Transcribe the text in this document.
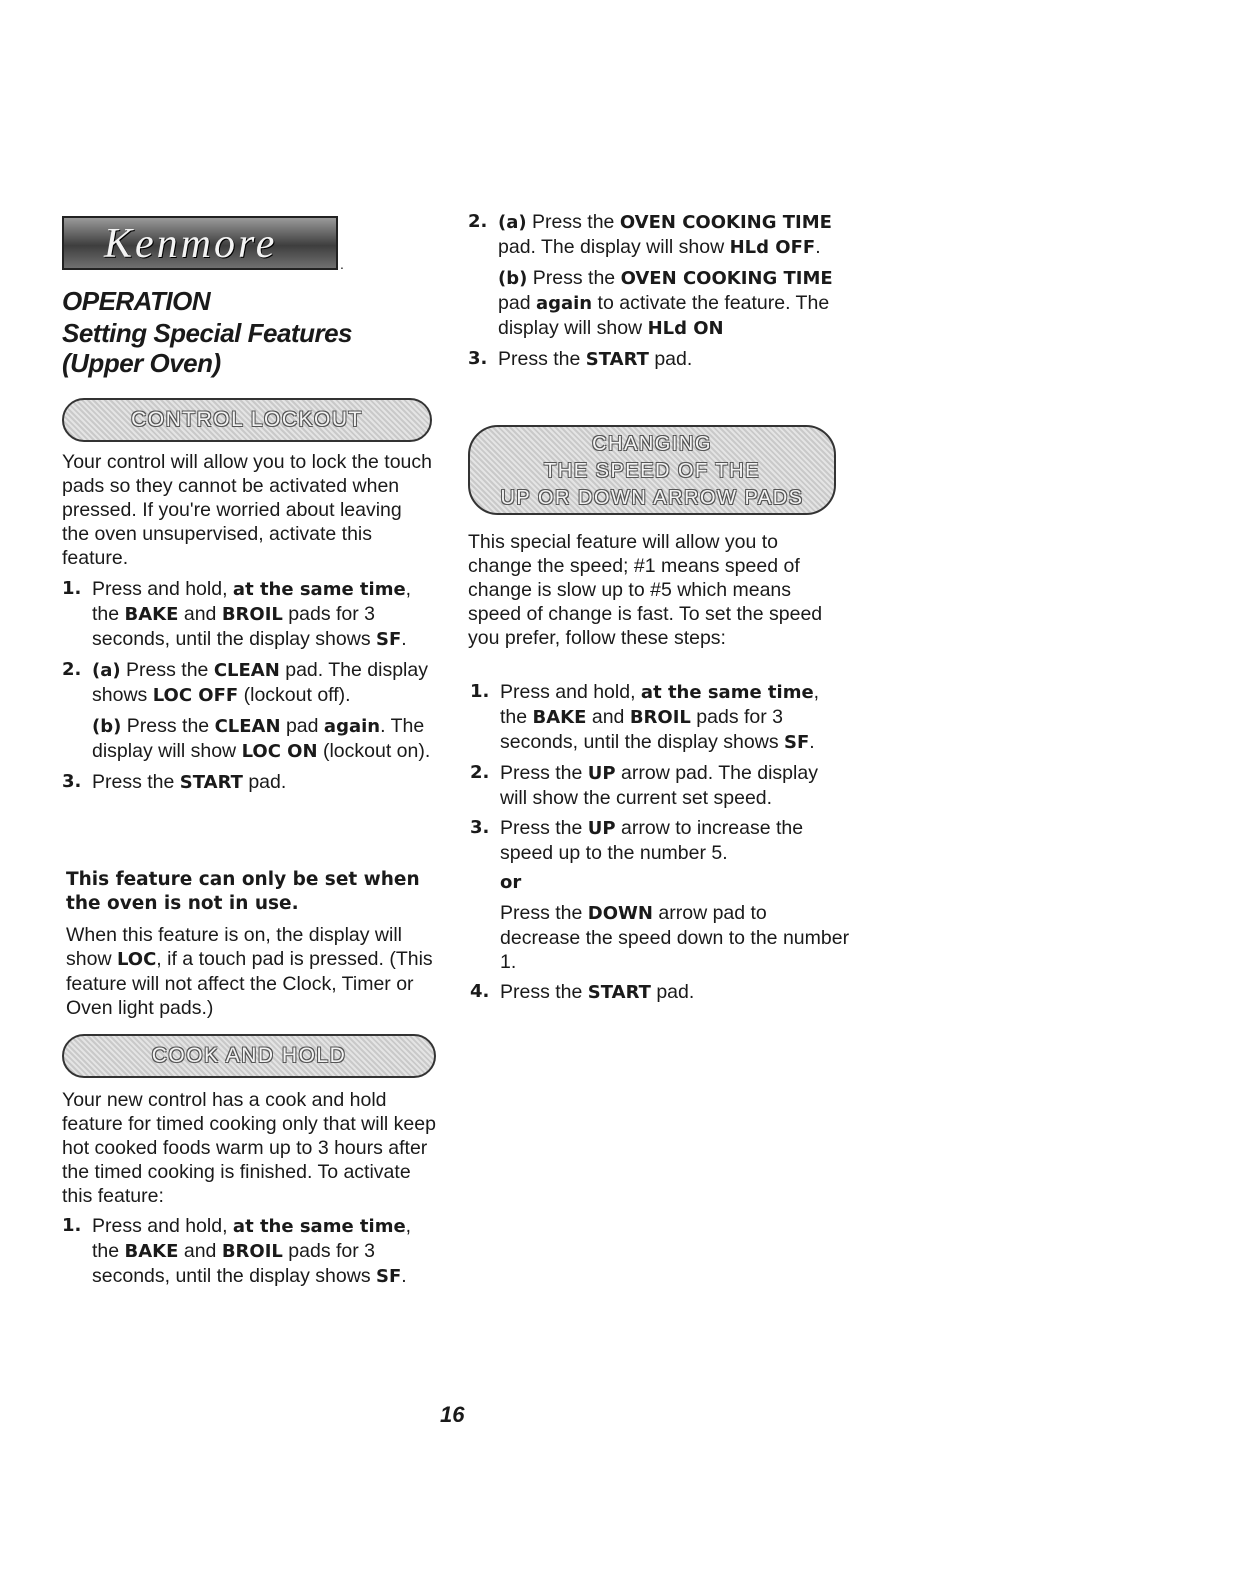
Kenmore	.
OPERATION
Setting Special Features
(Upper Oven)
CONTROL LOCKOUT

Your control will allow you to lock the touch pads so they cannot be activated when pressed. If you're worried about leaving the oven unsupervised, activate this feature.

1. Press and hold, at the same time, the BAKE and BROIL pads for 3 seconds, until the display shows SF.
2. (a) Press the CLEAN pad. The display shows LOC OFF (lockout off).
(b) Press the CLEAN pad again. The display will show LOC ON (lockout on).
3. Press the START pad.

This feature can only be set when the oven is not in use.

When this feature is on, the display will show LOC, if a touch pad is pressed. (This feature will not affect the Clock, Timer or Oven light pads.)

COOK AND HOLD

Your new control has a cook and hold feature for timed cooking only that will keep hot cooked foods warm up to 3 hours after the timed cooking is finished. To activate this feature:

1. Press and hold, at the same time, the BAKE and BROIL pads for 3 seconds, until the display shows SF.
2. (a) Press the OVEN COOKING TIME pad. The display will show HLd OFF.
(b) Press the OVEN COOKING TIME pad again to activate the feature. The display will show HLd ON
3. Press the START pad.
CHANGING
THE SPEED OF THE
UP OR DOWN ARROW PADS

This special feature will allow you to change the speed; #1 means speed of change is slow up to #5 which means speed of change is fast. To set the speed you prefer, follow these steps:

1. Press and hold, at the same time, the BAKE and BROIL pads for 3 seconds, until the display shows SF.
2. Press the UP arrow pad. The display will show the current set speed.
3. Press the UP arrow to increase the speed up to the number 5.
or
Press the DOWN arrow pad to decrease the speed down to the number 1.
4. Press the START pad.
16
